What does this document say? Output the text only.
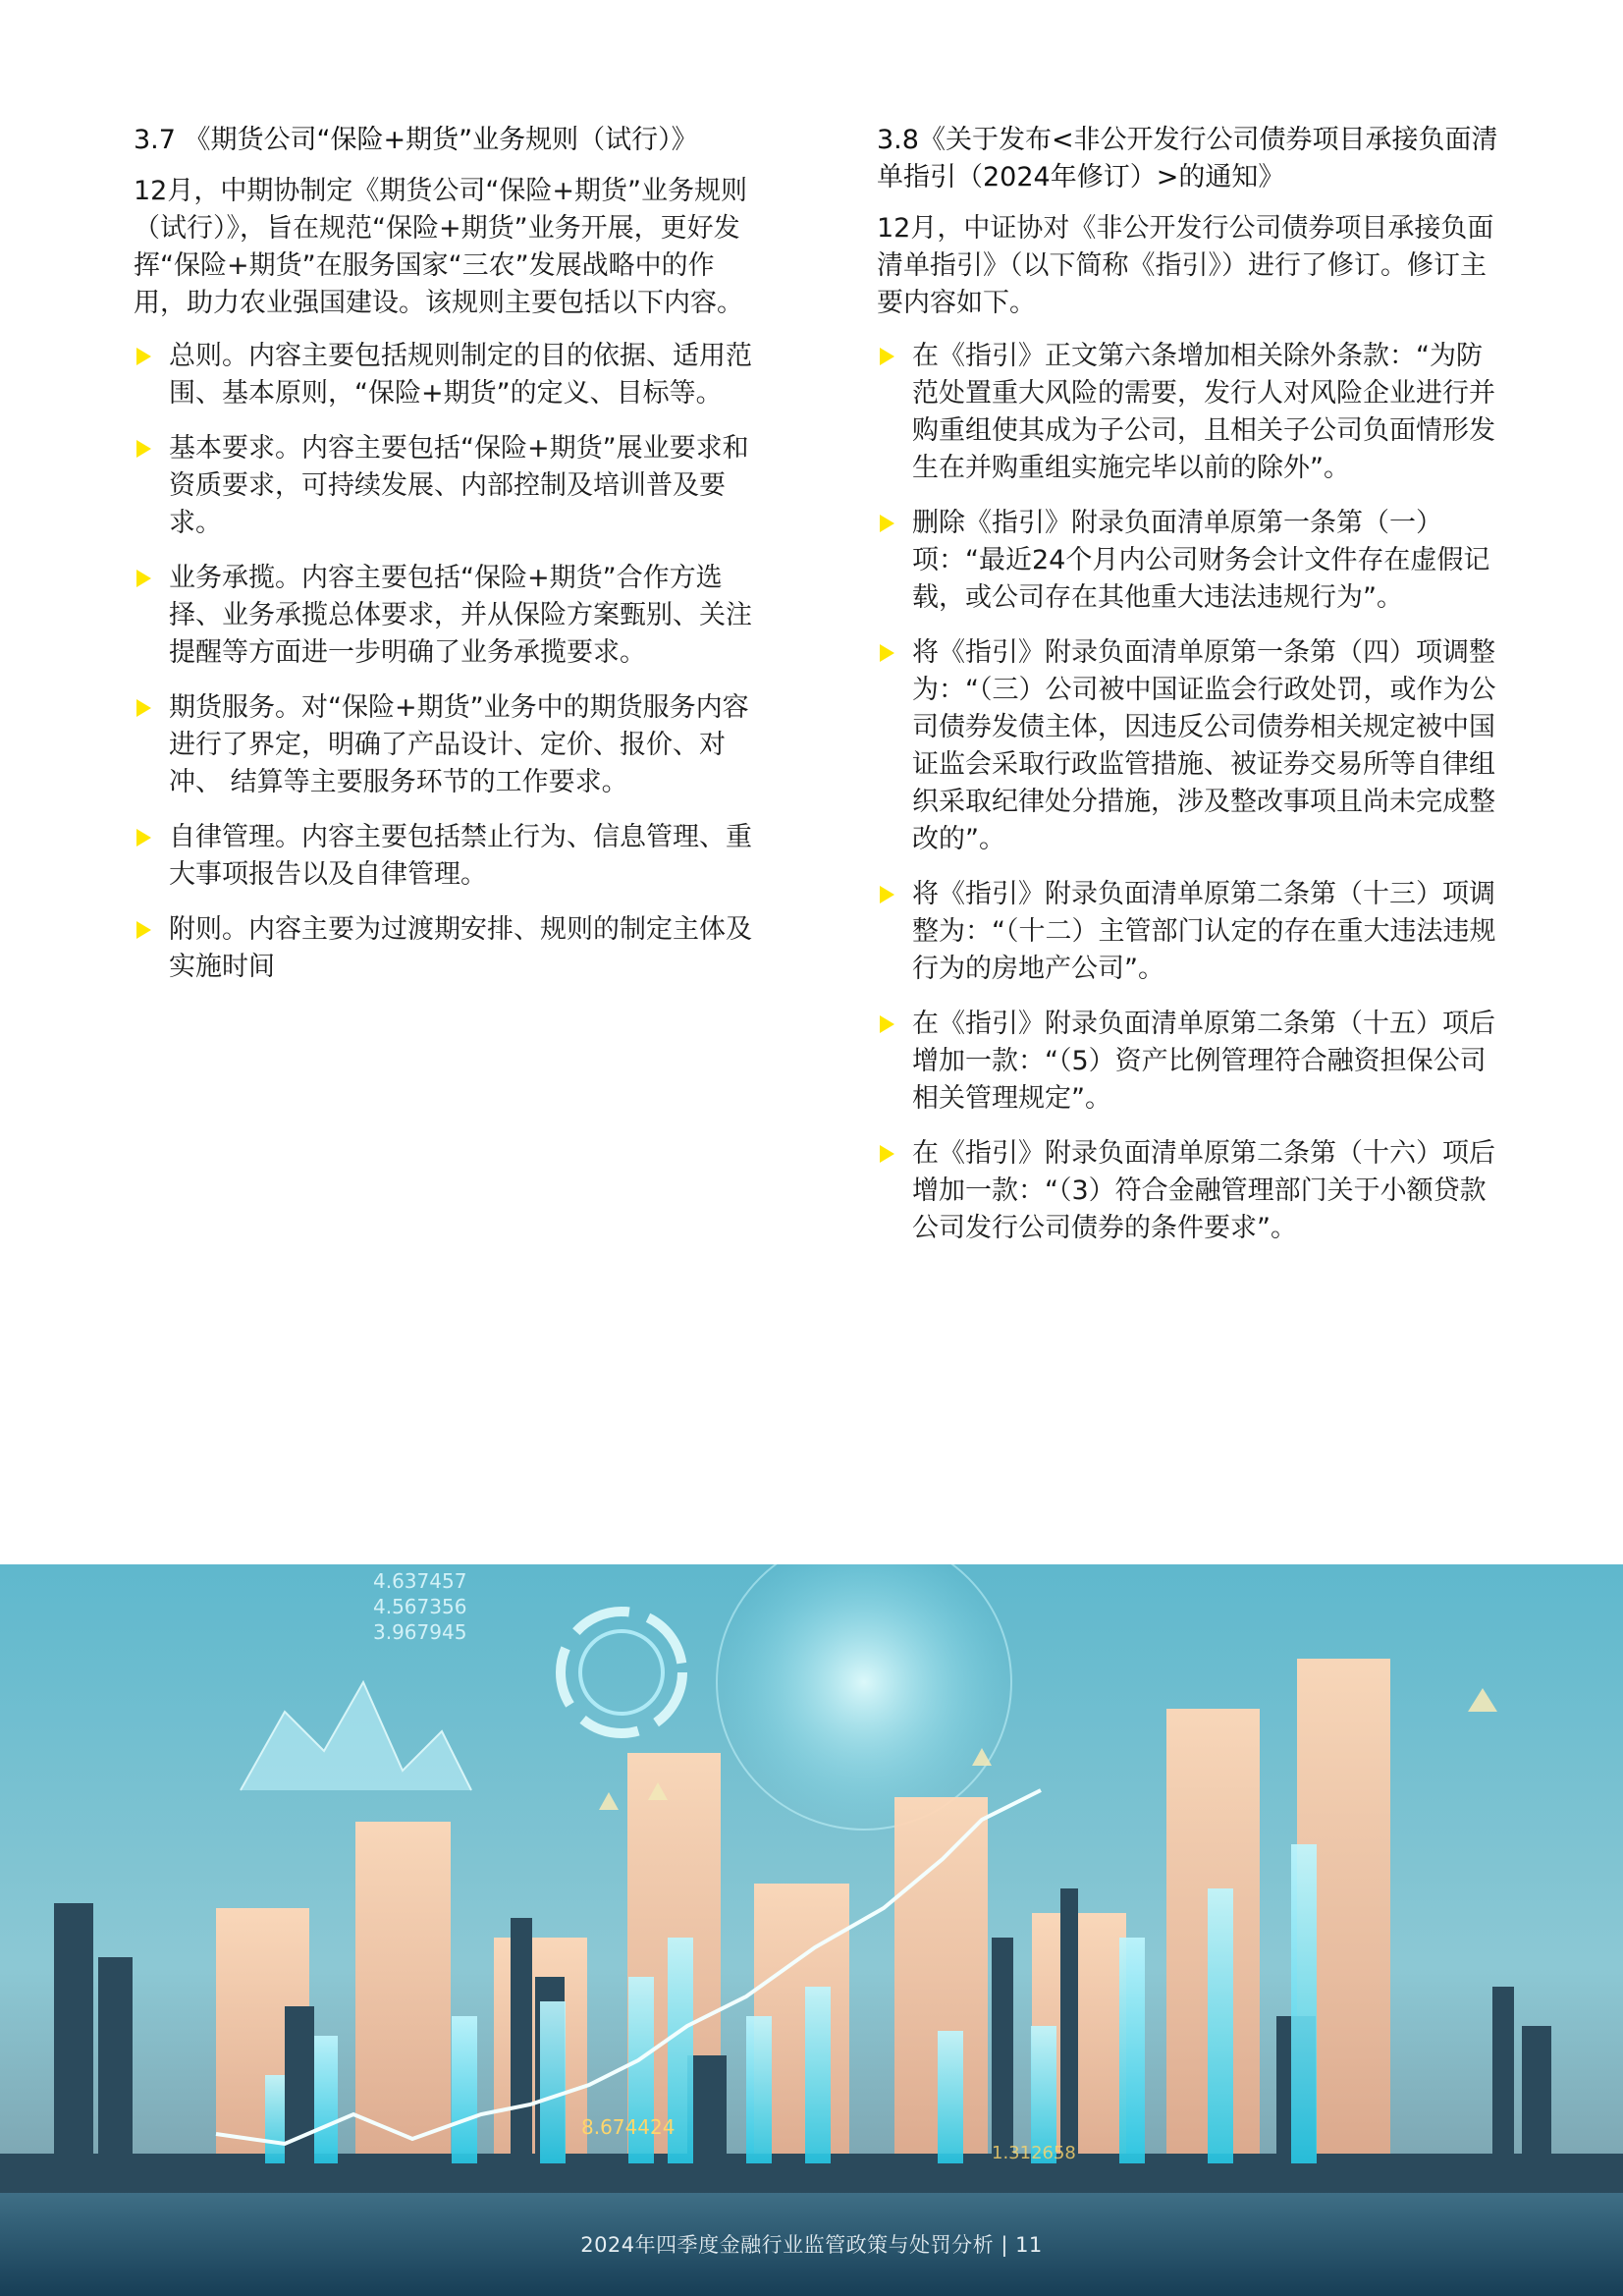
3.7 《期货公司“保险+期货”业务规则（试行）》

12月，中期协制定《期货公司“保险+期货”业务规则（试行）》，旨在规范“保险+期货”业务开展，更好发挥“保险+期货”在服务国家“三农”发展战略中的作用，助力农业强国建设。该规则主要包括以下内容。

总则。内容主要包括规则制定的目的依据、适用范围、基本原则，“保险+期货”的定义、目标等。
基本要求。内容主要包括“保险+期货”展业要求和资质要求，可持续发展、内部控制及培训普及要求。
业务承揽。内容主要包括“保险+期货”合作方选择、业务承揽总体要求，并从保险方案甄别、关注提醒等方面进一步明确了业务承揽要求。
期货服务。对“保险+期货”业务中的期货服务内容进行了界定，明确了产品设计、定价、报价、对冲、 结算等主要服务环节的工作要求。
自律管理。内容主要包括禁止行为、信息管理、重大事项报告以及自律管理。
附则。内容主要为过渡期安排、规则的制定主体及实施时间
3.8《关于发布<非公开发行公司债券项目承接负面清单指引（2024年修订）>的通知》

12月，中证协对《非公开发行公司债券项目承接负面清单指引》（以下简称《指引》）进行了修订。修订主要内容如下。

在《指引》正文第六条增加相关除外条款：“为防范处置重大风险的需要，发行人对风险企业进行并购重组使其成为子公司，且相关子公司负面情形发生在并购重组实施完毕以前的除外”。
删除《指引》附录负面清单原第一条第（一）项：“最近24个月内公司财务会计文件存在虚假记载，或公司存在其他重大违法违规行为”。
将《指引》附录负面清单原第一条第（四）项调整为：“（三）公司被中国证监会行政处罚，或作为公司债券发债主体，因违反公司债券相关规定被中国证监会采取行政监管措施、被证券交易所等自律组织采取纪律处分措施，涉及整改事项且尚未完成整改的”。
将《指引》附录负面清单原第二条第（十三）项调整为：“（十二）主管部门认定的存在重大违法违规行为的房地产公司”。
在《指引》附录负面清单原第二条第（十五）项后增加一款：“（5）资产比例管理符合融资担保公司相关管理规定”。
在《指引》附录负面清单原第二条第（十六）项后增加一款：“（3）符合金融管理部门关于小额贷款公司发行公司债券的条件要求”。
4.637457
4.567356
3.967945
8.674424
1.312658
2024年四季度金融行业监管政策与处罚分析 | 11
